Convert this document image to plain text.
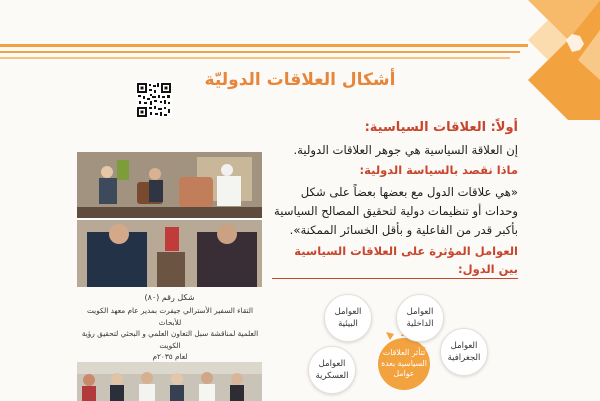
أشكال العلاقات الدوليّة

أولاً: العلاقات السياسية:

إن العلاقة السياسية هي جوهر العلاقات الدولية.

ماذا نقصد بالسياسة الدولية:

«هي علاقات الدول مع بعضها بعضاً على شكل

وحدات أو تنظيمات دولية لتحقيق المصالح السياسية

بأكبر قدر من الفاعلية و بأقل الخسائر الممكنة».

العوامل المؤثرة على العلاقات السياسية بين الدول:

شكل رقم (٨٠)
التقاء السفير الأسترالي جيفرت بمدير عام معهد الكويت للأبحاث
العلمية لمناقشة سبل التعاون العلمي و البحثي لتحقيق رؤية الكويت
لعام ٢٠٣٥م	تتأثر العلاقات
السياسية بعدة
عوامل
العوامل
الداخلية
العوامل
البيئية
العوامل
الجغرافية
العوامل
العسكرية
